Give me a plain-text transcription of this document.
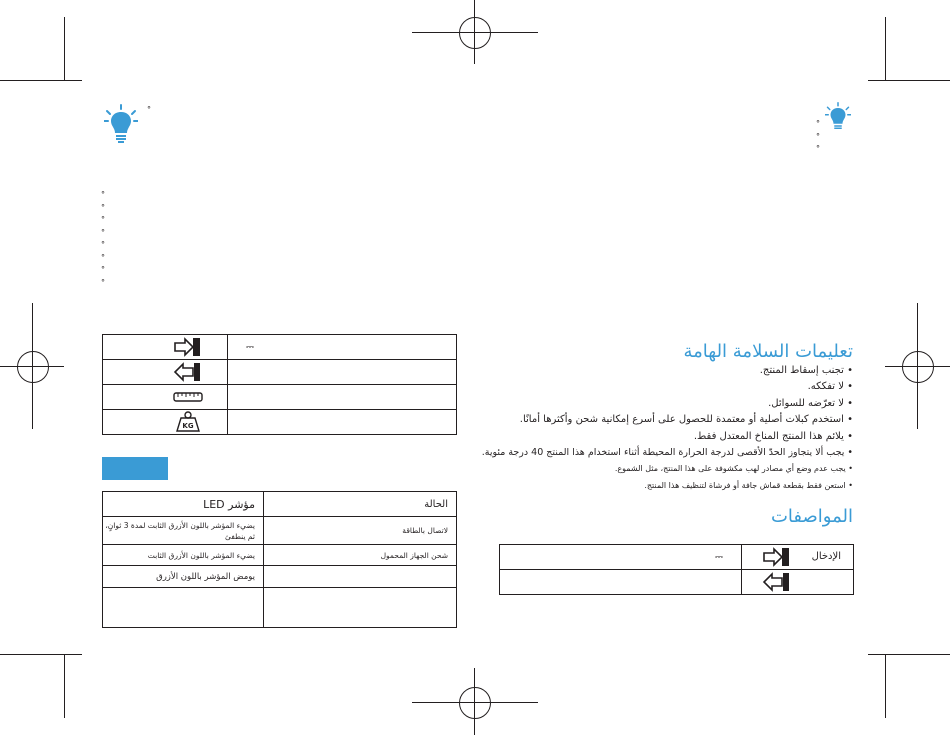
°
°
°
°
°
°
°
°
°
°
°
°
	⎓

KG	

مؤشر LED	الحالة
يضيء المؤشر باللون الأزرق الثابت لمدة 3 ثوانٍ، ثم ينطفئ	لاتصال بالطاقة
يضيء المؤشر باللون الأزرق الثابت	شحن الجهاز المحمول
يومض المؤشر باللون الأزرق	

تعليمات السلامة الهامة
• تجنب إسقاط المنتج.
• لا تفككه.
• لا تعرّضه للسوائل.
• استخدم كبلات أصلية أو معتمدة للحصول على أسرع إمكانية شحن وأكثرها أمانًا.
• يلائم هذا المنتج المناخ المعتدل فقط.
• يجب ألا يتجاوز الحدّ الأقصى لدرجة الحرارة المحيطة أثناء استخدام هذا المنتج 40 درجة مئوية.
• يجب عدم وضع أي مصادر لهب مكشوفة على هذا المنتج، مثل الشموع.
• استعن فقط بقطعة قماش جافة أو فرشاة لتنظيف هذا المنتج.
المواصفات
⎓	الإدخال
